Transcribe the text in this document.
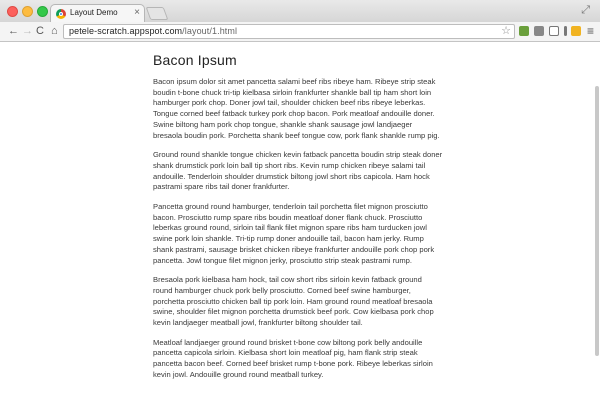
Layout Demo ×	⤢
← → C ⌂ petele-scratch.appspot.com/layout/1.html	☆	≡
Bacon Ipsum

Bacon ipsum dolor sit amet pancetta salami beef ribs ribeye ham. Ribeye strip steak boudin t-bone chuck tri-tip kielbasa sirloin frankfurter shankle ball tip ham short loin hamburger pork chop. Doner jowl tail, shoulder chicken beef ribs ribeye leberkas. Tongue corned beef fatback turkey pork chop bacon. Pork meatloaf andouille doner. Swine biltong ham pork chop tongue, shankle shank sausage jowl landjaeger bresaola boudin pork. Porchetta shank beef tongue cow, pork flank shankle rump pig.

Ground round shankle tongue chicken kevin fatback pancetta boudin strip steak doner shank drumstick pork loin ball tip short ribs. Kevin rump chicken ribeye salami tail andouille. Tenderloin shoulder drumstick biltong jowl short ribs capicola. Ham hock pastrami spare ribs tail doner frankfurter.

Pancetta ground round hamburger, tenderloin tail porchetta filet mignon prosciutto bacon. Prosciutto rump spare ribs boudin meatloaf doner flank chuck. Prosciutto leberkas ground round, sirloin tail flank filet mignon spare ribs ham turducken jowl swine pork loin shankle. Tri-tip rump doner andouille tail, bacon ham jerky. Rump shank pastrami, sausage brisket chicken ribeye frankfurter andouille pork chop pork pancetta. Jowl tongue filet mignon jerky, prosciutto strip steak pastrami rump.

Bresaola pork kielbasa ham hock, tail cow short ribs sirloin kevin fatback ground round hamburger chuck pork belly prosciutto. Corned beef swine hamburger, porchetta prosciutto chicken ball tip pork loin. Ham ground round meatloaf bresaola swine, shoulder filet mignon porchetta drumstick beef pork. Cow kielbasa pork chop kevin landjaeger meatball jowl, frankfurter biltong shoulder tail.

Meatloaf landjaeger ground round brisket t-bone cow biltong pork belly andouille pancetta capicola sirloin. Kielbasa short loin meatloaf pig, ham flank strip steak pancetta bacon beef. Corned beef brisket rump t-bone pork. Ribeye leberkas sirloin kevin jowl. Andouille ground round meatball turkey.
